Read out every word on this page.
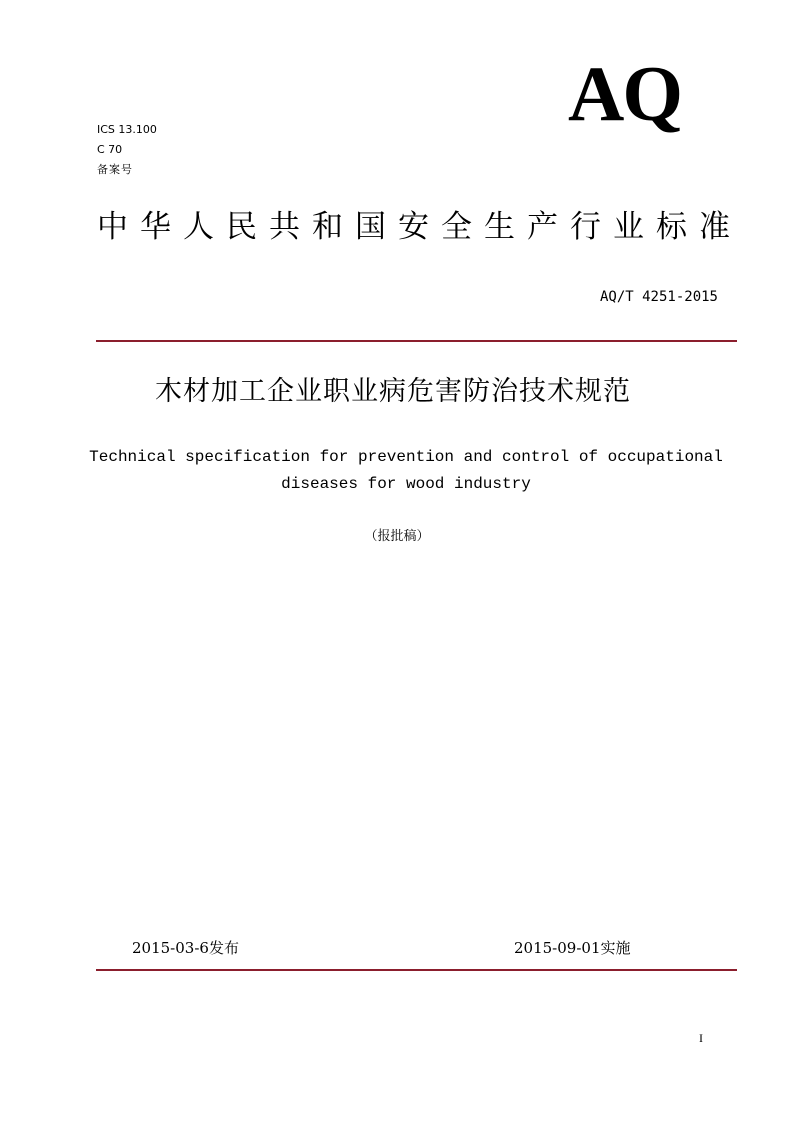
AQ
ICS 13.100
C 70
备案号
中华人民共和国安全生产行业标准
AQ/T 4251-2015
木材加工企业职业病危害防治技术规范
Technical specification for prevention and control of occupational diseases for wood industry
（报批稿）
2015-03-6发布	2015-09-01实施
I
